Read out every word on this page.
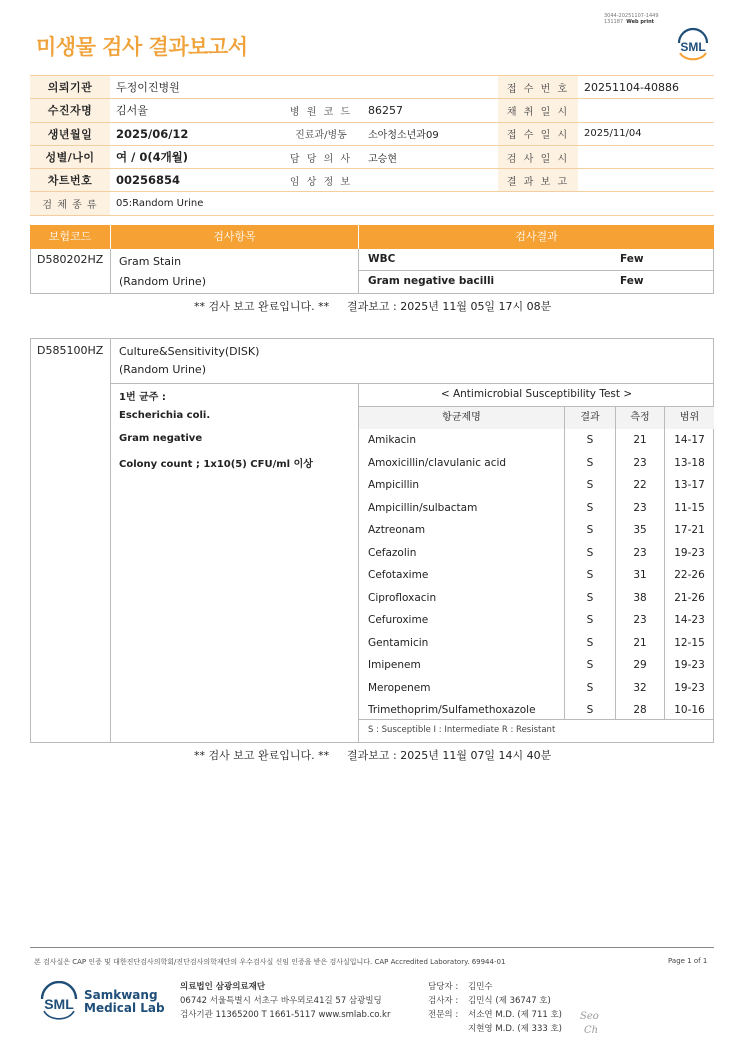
미생물 검사 결과보고서
3044-20251107-1449
131187 Web print
SML
의뢰기관	두정이진병원			접 수 번 호	20251104-40886
수진자명	김서율	병 원 코 드	86257	채 취 일 시	
생년월일	2025/06/12	진료과/병동	소아청소년과09	접 수 일 시	2025/11/04
성별/나이	여 / 0(4개월)	담 당 의 사	고승현	검 사 일 시	
차트번호	00256854	임 상 정 보		결 과 보 고	
검 체 종 류	05:Random Urine				
보험코드	검사항목	검사결과
D580202HZ Gram Stain
(Random Urine)
WBC	Few
Gram negative bacilli	Few
** 검사 보고 완료입니다. ** 결과보고 : 2025년 11월 05일 17시 08분
D585100HZ Culture&Sensitivity(DISK)
(Random Urine)
1번 균주 :
Escherichia coli.
Gram negative
Colony count ; 1x10(5) CFU/ml 이상
< Antimicrobial Susceptibility Test >
항균제명	결과	측정	범위
Amikacin	S	21	14-17
Amoxicillin/clavulanic acid	S	23	13-18
Ampicillin	S	22	13-17
Ampicillin/sulbactam	S	23	11-15
Aztreonam	S	35	17-21
Cefazolin	S	23	19-23
Cefotaxime	S	31	22-26
Ciprofloxacin	S	38	21-26
Cefuroxime	S	23	14-23
Gentamicin	S	21	12-15
Imipenem	S	29	19-23
Meropenem	S	32	19-23
Trimethoprim/Sulfamethoxazole	S	28	10-16
S : Susceptible I : Intermediate R : Resistant
** 검사 보고 완료입니다. ** 결과보고 : 2025년 11월 07일 14시 40분
본 검사실은 CAP 인증 및 대한진단검사의학회/진단검사의학재단의 우수검사실 신임 인증을 받은 검사실입니다. CAP Accredited Laboratory. 69944-01	Page 1 of 1
SML
Samkwang
Medical Lab
의료법인 삼광의료재단
06742 서울특별시 서초구 바우뫼로41길 57 삼광빌딩
검사기관 11365200 T 1661-5117 www.smlab.co.kr
담당자 : 김민수
검사자 : 김민식 (제 36747 호)
전문의 : 서소연 M.D. (제 711 호)
지현영 M.D. (제 333 호)
Seo
Ch
